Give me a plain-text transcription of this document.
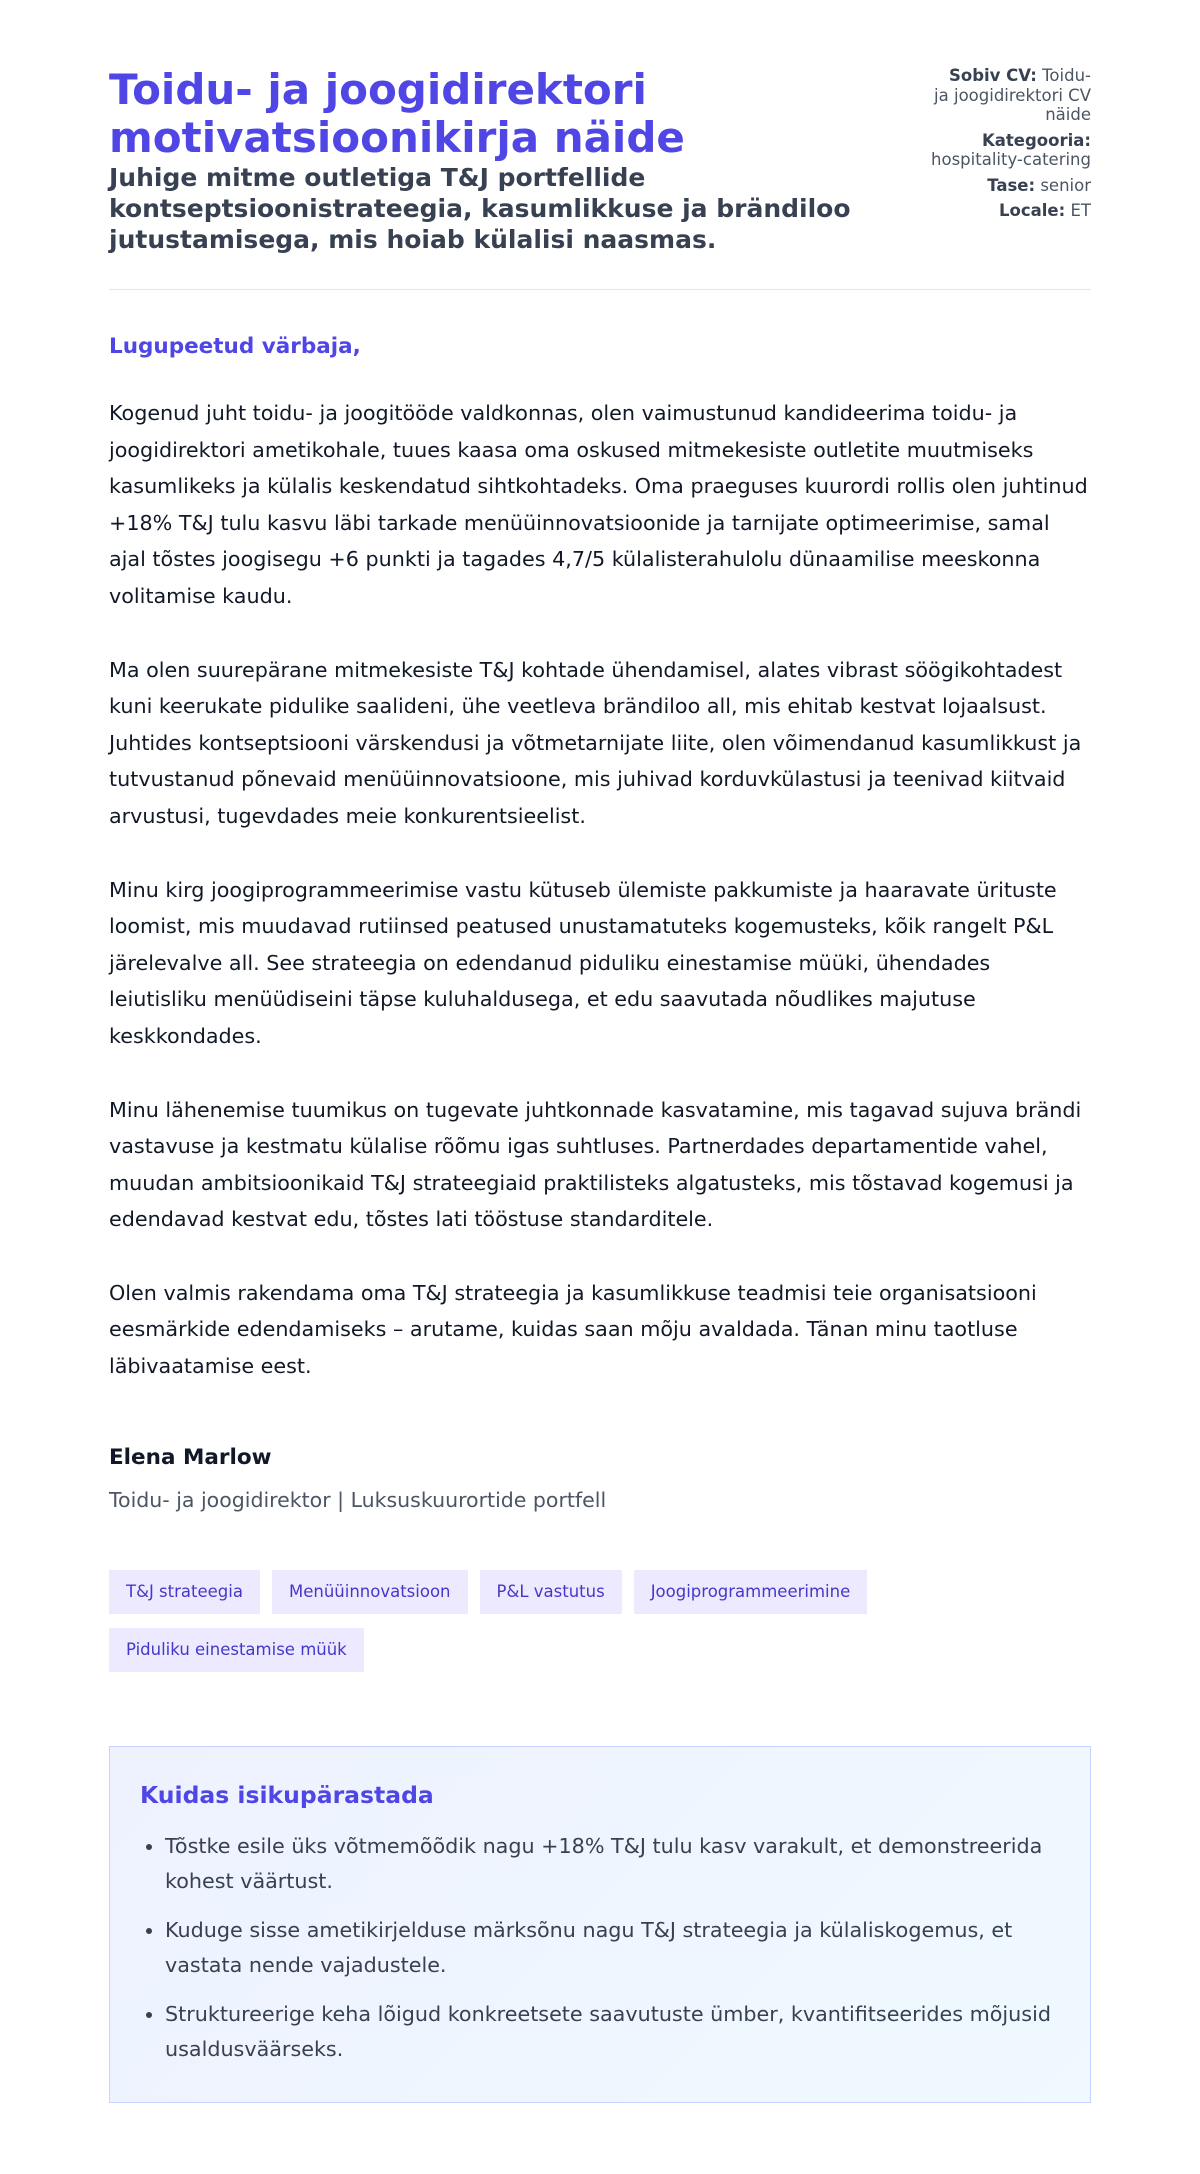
Toidu- ja joogidirektori motivatsioonikirja näide
Juhige mitme outletiga T&J portfellide kontseptsioonistrateegia, kasumlikkuse ja brändiloo jutustamisega, mis hoiab külalisi naasmas.
Sobiv CV: Toidu- ja joogidirektori CV näide
Kategooria: hospitality-catering
Tase: senior
Locale: ET

Lugupeetud värbaja,

Kogenud juht toidu- ja joogitööde valdkonnas, olen vaimustunud kandideerima toidu- ja joogidirektori ametikohale, tuues kaasa oma oskused mitmekesiste outletite muutmiseks kasumlikeks ja külalis keskendatud sihtkohtadeks. Oma praeguses kuurordi rollis olen juhtinud +18% T&J tulu kasvu läbi tarkade menüüinnovatsioonide ja tarnijate optimeerimise, samal ajal tõstes joogisegu +6 punkti ja tagades 4,7/5 külalisterahulolu dünaamilise meeskonna volitamise kaudu.

Ma olen suurepärane mitmekesiste T&J kohtade ühendamisel, alates vibrast söögikohtadest kuni keerukate pidulike saalideni, ühe veetleva brändiloo all, mis ehitab kestvat lojaalsust. Juhtides kontseptsiooni värskendusi ja võtmetarnijate liite, olen võimendanud kasumlikkust ja tutvustanud põnevaid menüüinnovatsioone, mis juhivad korduvkülastusi ja teenivad kiitvaid arvustusi, tugevdades meie konkurentsieelist.

Minu kirg joogiprogrammeerimise vastu kütuseb ülemiste pakkumiste ja haaravate ürituste loomist, mis muudavad rutiinsed peatused unustamatuteks kogemusteks, kõik rangelt P&L järelevalve all. See strateegia on edendanud piduliku einestamise müüki, ühendades leiutisliku menüüdiseini täpse kuluhaldusega, et edu saavutada nõudlikes majutuse keskkondades.

Minu lähenemise tuumikus on tugevate juhtkonnade kasvatamine, mis tagavad sujuva brändi vastavuse ja kestmatu külalise rõõmu igas suhtluses. Partnerdades departamentide vahel, muudan ambitsioonikaid T&J strateegiaid praktilisteks algatusteks, mis tõstavad kogemusi ja edendavad kestvat edu, tõstes lati tööstuse standarditele.

Olen valmis rakendama oma T&J strateegia ja kasumlikkuse teadmisi teie organisatsiooni eesmärkide edendamiseks – arutame, kuidas saan mõju avaldada. Tänan minu taotluse läbivaatamise eest.

Elena Marlow

Toidu- ja joogidirektor | Luksuskuurortide portfell

T&J strateegia	Menüüinnovatsioon	P&L vastutus	Joogiprogrammeerimine
Piduliku einestamise müük
Kuidas isikupärastada
• Tõstke esile üks võtmemõõdik nagu +18% T&J tulu kasv varakult, et demonstreerida kohest väärtust.
• Kuduge sisse ametikirjelduse märksõnu nagu T&J strateegia ja külaliskogemus, et vastata nende vajadustele.
• Struktureerige keha lõigud konkreetsete saavutuste ümber, kvantifitseerides mõjusid usaldusväärseks.
